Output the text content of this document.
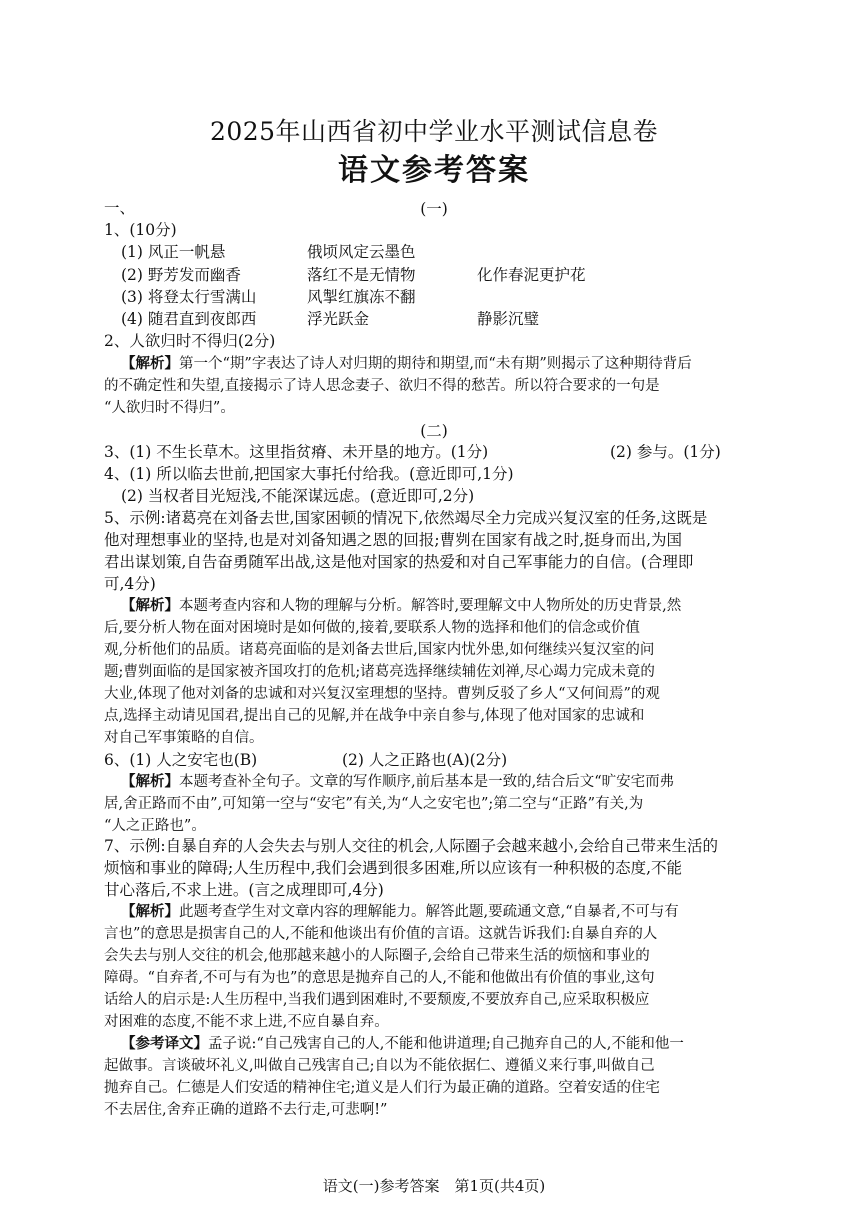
2025年山西省初中学业水平测试信息卷
语文参考答案
一、	(一)
1、(10分)
(1) 风正一帆悬	俄顷风定云墨色
(2) 野芳发而幽香	落红不是无情物	化作春泥更护花
(3) 将登太行雪满山	风掣红旗冻不翻
(4) 随君直到夜郎西	浮光跃金	静影沉璧
2、人欲归时不得归(2分)
【解析】第一个“期”字表达了诗人对归期的期待和期望,而“未有期”则揭示了这种期待背后
的不确定性和失望,直接揭示了诗人思念妻子、欲归不得的愁苦。所以符合要求的一句是
“人欲归时不得归”。
(二)
3、(1) 不生长草木。这里指贫瘠、未开垦的地方。(1分)	(2) 参与。(1分)
4、(1) 所以临去世前,把国家大事托付给我。(意近即可,1分)
(2) 当权者目光短浅,不能深谋远虑。(意近即可,2分)
5、示例:诸葛亮在刘备去世,国家困顿的情况下,依然竭尽全力完成兴复汉室的任务,这既是
他对理想事业的坚持,也是对刘备知遇之恩的回报;曹刿在国家有战之时,挺身而出,为国
君出谋划策,自告奋勇随军出战,这是他对国家的热爱和对自己军事能力的自信。(合理即
可,4分)
【解析】本题考查内容和人物的理解与分析。解答时,要理解文中人物所处的历史背景,然
后,要分析人物在面对困境时是如何做的,接着,要联系人物的选择和他们的信念或价值
观,分析他们的品质。诸葛亮面临的是刘备去世后,国家内忧外患,如何继续兴复汉室的问
题;曹刿面临的是国家被齐国攻打的危机;诸葛亮选择继续辅佐刘禅,尽心竭力完成未竟的
大业,体现了他对刘备的忠诚和对兴复汉室理想的坚持。曹刿反驳了乡人“又何间焉”的观
点,选择主动请见国君,提出自己的见解,并在战争中亲自参与,体现了他对国家的忠诚和
对自己军事策略的自信。
6、(1) 人之安宅也(B)	(2) 人之正路也(A)(2分)
【解析】本题考查补全句子。文章的写作顺序,前后基本是一致的,结合后文“旷安宅而弗
居,舍正路而不由”,可知第一空与“安宅”有关,为“人之安宅也”;第二空与“正路”有关,为
“人之正路也”。
7、示例:自暴自弃的人会失去与别人交往的机会,人际圈子会越来越小,会给自己带来生活的
烦恼和事业的障碍;人生历程中,我们会遇到很多困难,所以应该有一种积极的态度,不能
甘心落后,不求上进。(言之成理即可,4分)
【解析】此题考查学生对文章内容的理解能力。解答此题,要疏通文意,“自暴者,不可与有
言也”的意思是损害自己的人,不能和他谈出有价值的言语。这就告诉我们:自暴自弃的人
会失去与别人交往的机会,他那越来越小的人际圈子,会给自己带来生活的烦恼和事业的
障碍。“自弃者,不可与有为也”的意思是抛弃自己的人,不能和他做出有价值的事业,这句
话给人的启示是:人生历程中,当我们遇到困难时,不要颓废,不要放弃自己,应采取积极应
对困难的态度,不能不求上进,不应自暴自弃。
【参考译文】孟子说:“自己残害自己的人,不能和他讲道理;自己抛弃自己的人,不能和他一
起做事。言谈破坏礼义,叫做自己残害自己;自以为不能依据仁、遵循义来行事,叫做自己
抛弃自己。仁德是人们安适的精神住宅;道义是人们行为最正确的道路。空着安适的住宅
不去居住,舍弃正确的道路不去行走,可悲啊!”
语文(一)参考答案　第1页(共4页)
